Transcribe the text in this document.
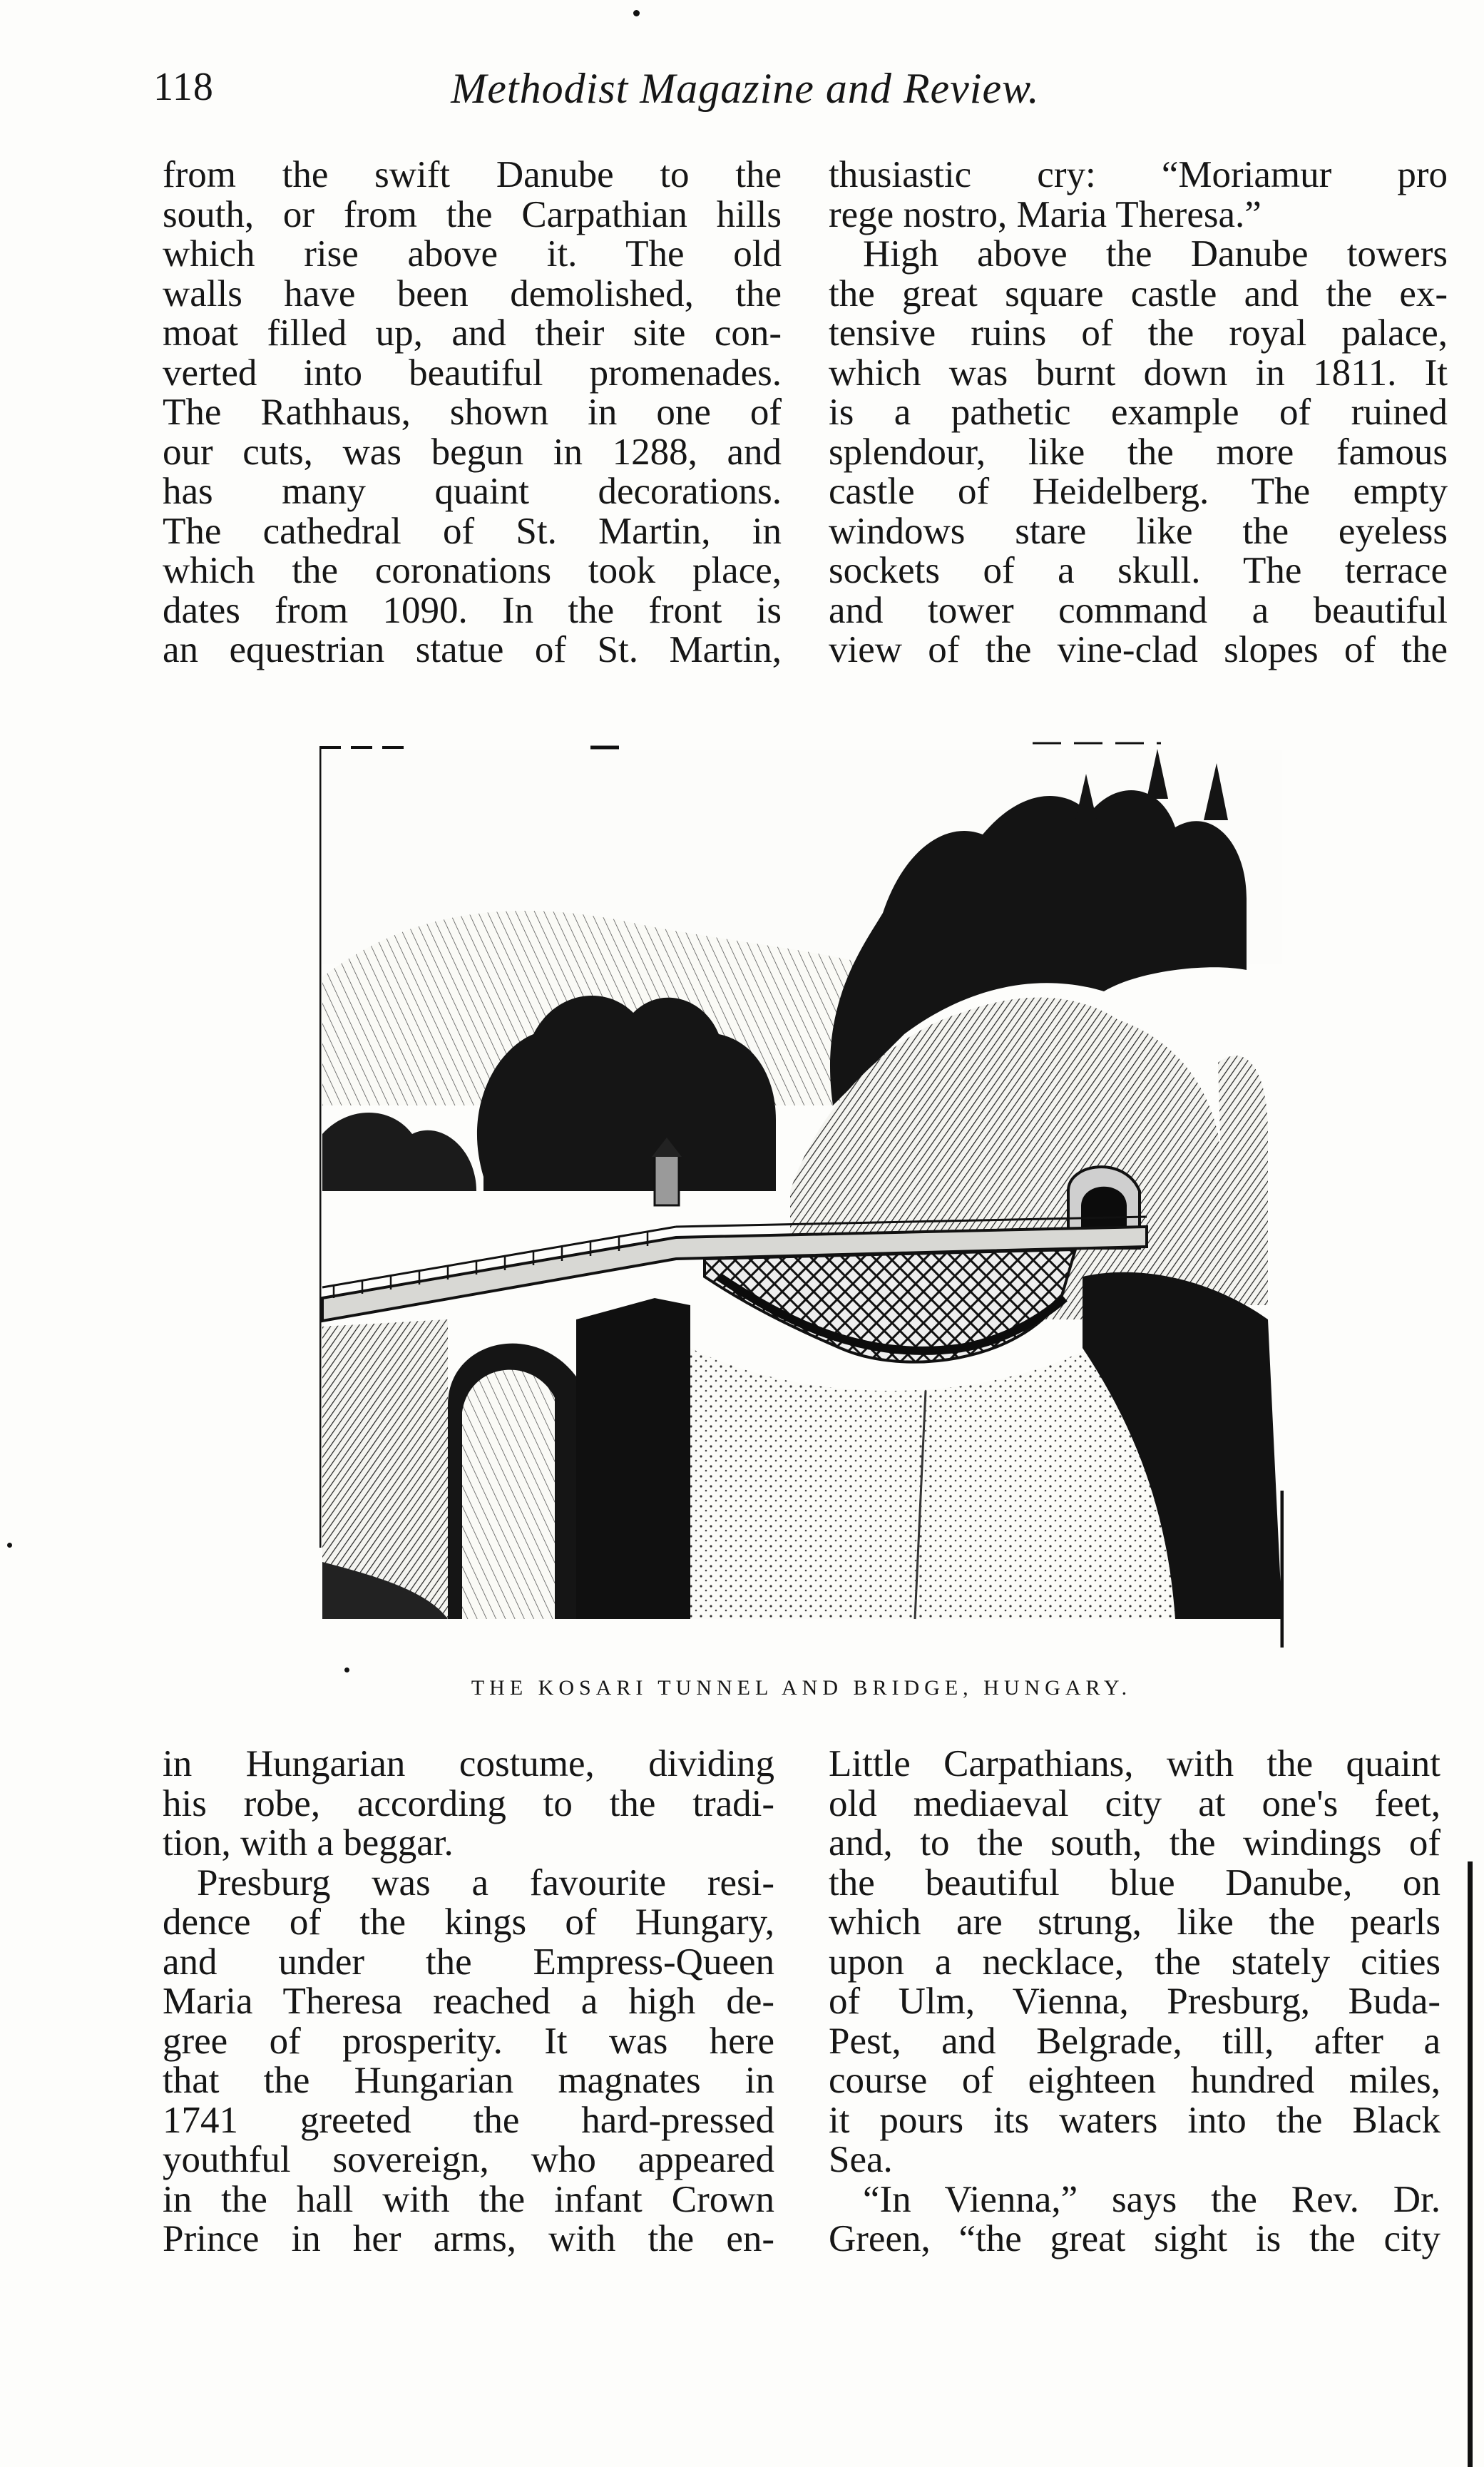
118	Methodist Magazine and Review.
from the swift Danube to the
south, or from the Carpathian hills
which rise above it. The old
walls have been demolished, the
moat filled up, and their site con-
verted into beautiful promenades.
The Rathhaus, shown in one of
our cuts, was begun in 1288, and
has many quaint decorations.
The cathedral of St. Martin, in
which the coronations took place,
dates from 1090. In the front is
an equestrian statue of St. Martin,
thusiastic cry: “Moriamur pro
rege nostro, Maria Theresa.”
High above the Danube towers
the great square castle and the ex-
tensive ruins of the royal palace,
which was burnt down in 1811. It
is a pathetic example of ruined
splendour, like the more famous
castle of Heidelberg. The empty
windows stare like the eyeless
sockets of a skull. The terrace
and tower command a beautiful
view of the vine-clad slopes of the
THE KOSARI TUNNEL AND BRIDGE, HUNGARY.
in Hungarian costume, dividing
his robe, according to the tradi-
tion, with a beggar.
Presburg was a favourite resi-
dence of the kings of Hungary,
and under the Empress-Queen
Maria Theresa reached a high de-
gree of prosperity. It was here
that the Hungarian magnates in
1741 greeted the hard-pressed
youthful sovereign, who appeared
in the hall with the infant Crown
Prince in her arms, with the en-
Little Carpathians, with the quaint
old mediaeval city at one's feet,
and, to the south, the windings of
the beautiful blue Danube, on
which are strung, like the pearls
upon a necklace, the stately cities
of Ulm, Vienna, Presburg, Buda-
Pest, and Belgrade, till, after a
course of eighteen hundred miles,
it pours its waters into the Black
Sea.
“In Vienna,” says the Rev. Dr.
Green, “the great sight is the city
